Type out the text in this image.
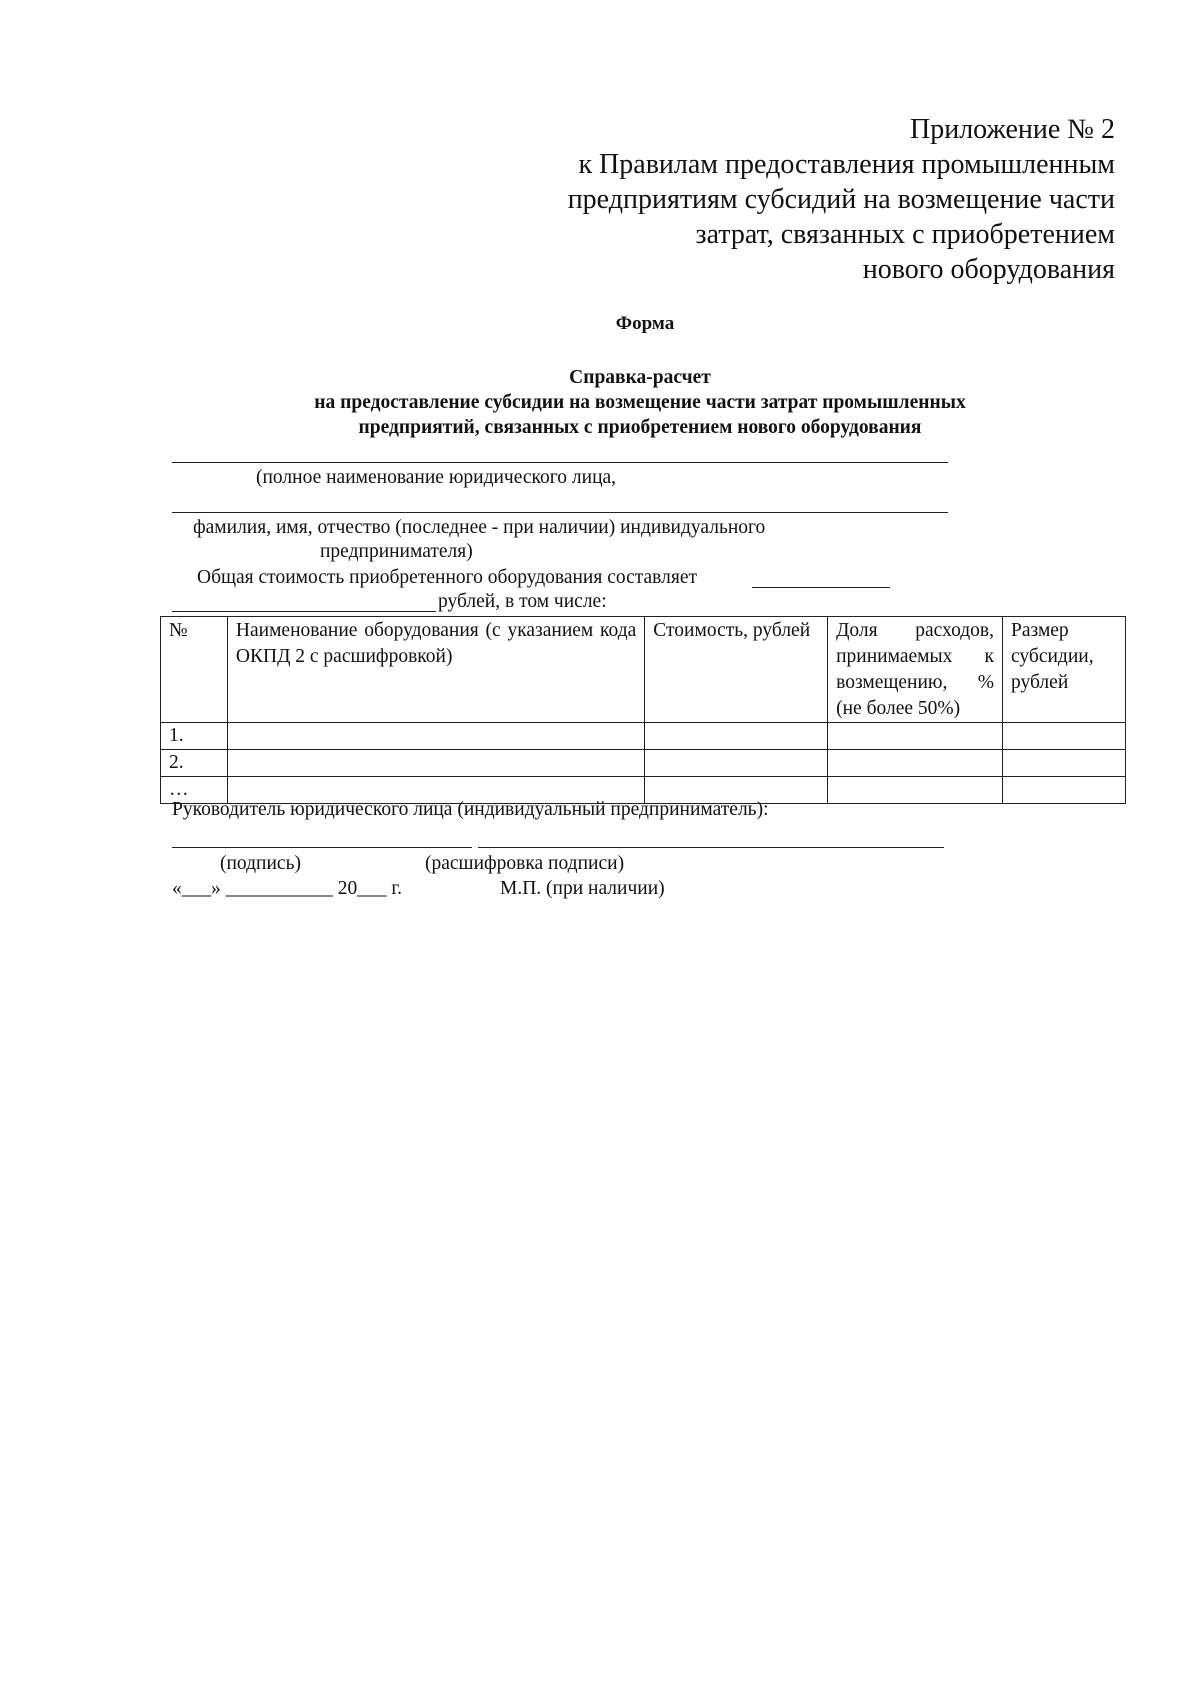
Приложение № 2
к Правилам предоставления промышленным
предприятиям субсидий на возмещение части
затрат, связанных с приобретением
нового оборудования
Форма
Справка-расчет
на предоставление субсидии на возмещение части затрат промышленных
предприятий, связанных с приобретением нового оборудования
(полное наименование юридического лица,
фамилия, имя, отчество (последнее - при наличии) индивидуального
предпринимателя)
Общая стоимость приобретенного оборудования составляет
рублей, в том числе:
№	Наименование оборудования (с указанием кода ОКПД 2 с расшифровкой)	Стоимость, рублей	Доля расходов, принимаемых к возмещению, % (не более 50%)	Размер субсидии, рублей
1.				
2.				
…				
Руководитель юридического лица (индивидуальный предприниматель):
(подпись)	(расшифровка подписи)
«___» ___________ 20___ г.	М.П. (при наличии)
